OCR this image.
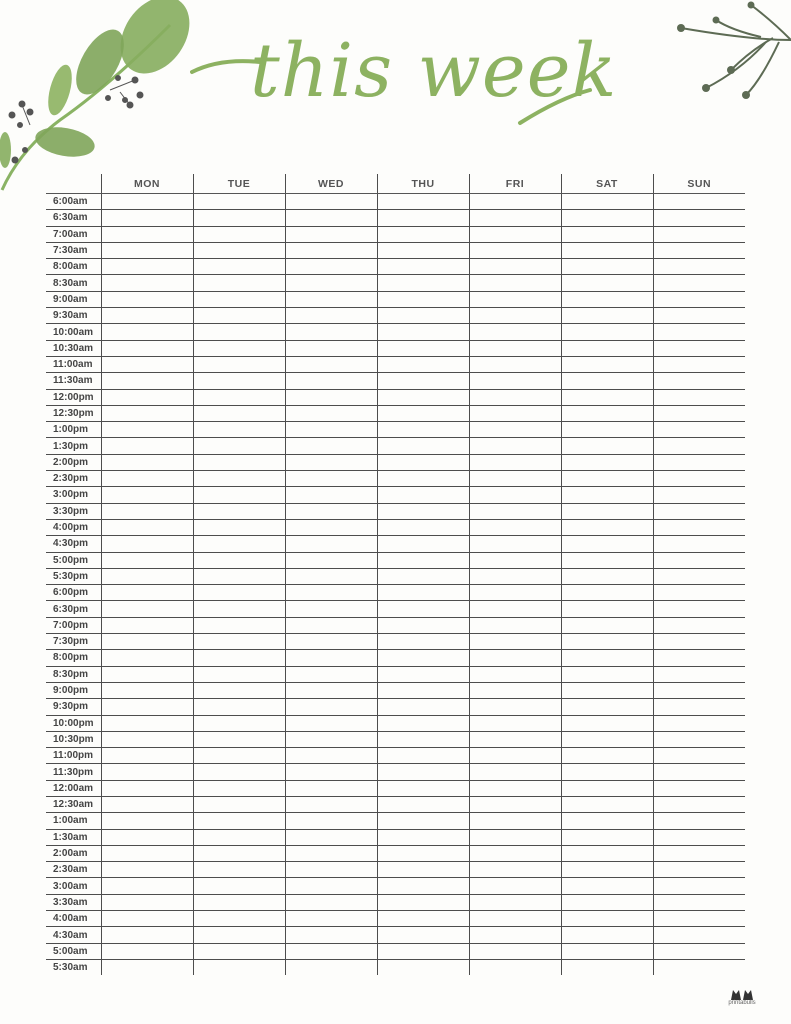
this week
	MON	TUE	WED	THU	FRI	SAT	SUN
6:00am							
6:30am							
7:00am							
7:30am							
8:00am							
8:30am							
9:00am							
9:30am							
10:00am							
10:30am							
11:00am							
11:30am							
12:00pm							
12:30pm							
1:00pm							
1:30pm							
2:00pm							
2:30pm							
3:00pm							
3:30pm							
4:00pm							
4:30pm							
5:00pm							
5:30pm							
6:00pm							
6:30pm							
7:00pm							
7:30pm							
8:00pm							
8:30pm							
9:00pm							
9:30pm							
10:00pm							
10:30pm							
11:00pm							
11:30pm							
12:00am							
12:30am							
1:00am							
1:30am							
2:00am							
2:30am							
3:00am							
3:30am							
4:00am							
4:30am							
5:00am							
5:30am							
printabulls
